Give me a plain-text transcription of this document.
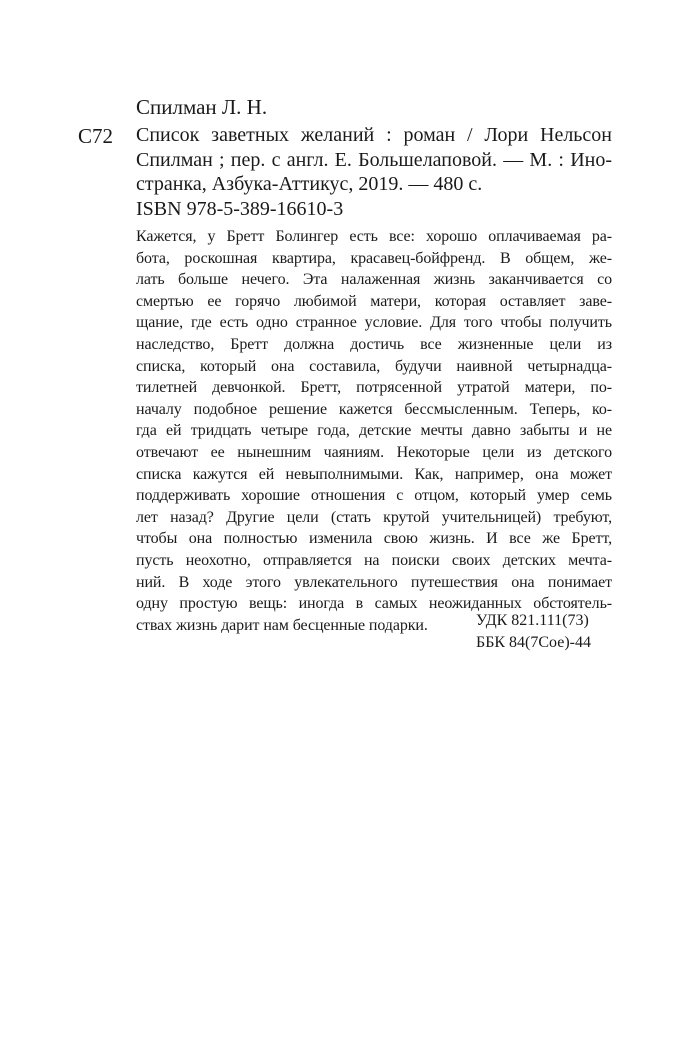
Спилман Л. Н.
С72 Список заветных желаний : роман / Лори Нельсон
Спилман ; пер. с англ. Е. Большелаповой. — М. : Ино-
странка, Азбука-Аттикус, 2019. — 480 с.
ISBN 978-5-389-16610-3
Кажется, у Бретт Болингер есть все: хорошо оплачиваемая ра-
бота, роскошная квартира, красавец-бойфренд. В общем, же-
лать больше нечего. Эта налаженная жизнь заканчивается со
смертью ее горячо любимой матери, которая оставляет заве-
щание, где есть одно странное условие. Для того чтобы получить
наследство, Бретт должна достичь все жизненные цели из
списка, который она составила, будучи наивной четырнадца-
тилетней девчонкой. Бретт, потрясенной утратой матери, по-
началу подобное решение кажется бессмысленным. Теперь, ко-
гда ей тридцать четыре года, детские мечты давно забыты и не
отвечают ее нынешним чаяниям. Некоторые цели из детского
списка кажутся ей невыполнимыми. Как, например, она может
поддерживать хорошие отношения с отцом, который умер семь
лет назад? Другие цели (стать крутой учительницей) требуют,
чтобы она полностью изменила свою жизнь. И все же Бретт,
пусть неохотно, отправляется на поиски своих детских мечта-
ний. В ходе этого увлекательного путешествия она понимает
одну простую вещь: иногда в самых неожиданных обстоятель-
ствах жизнь дарит нам бесценные подарки.	УДК 821.111(73)
ББК 84(7Сое)-44
